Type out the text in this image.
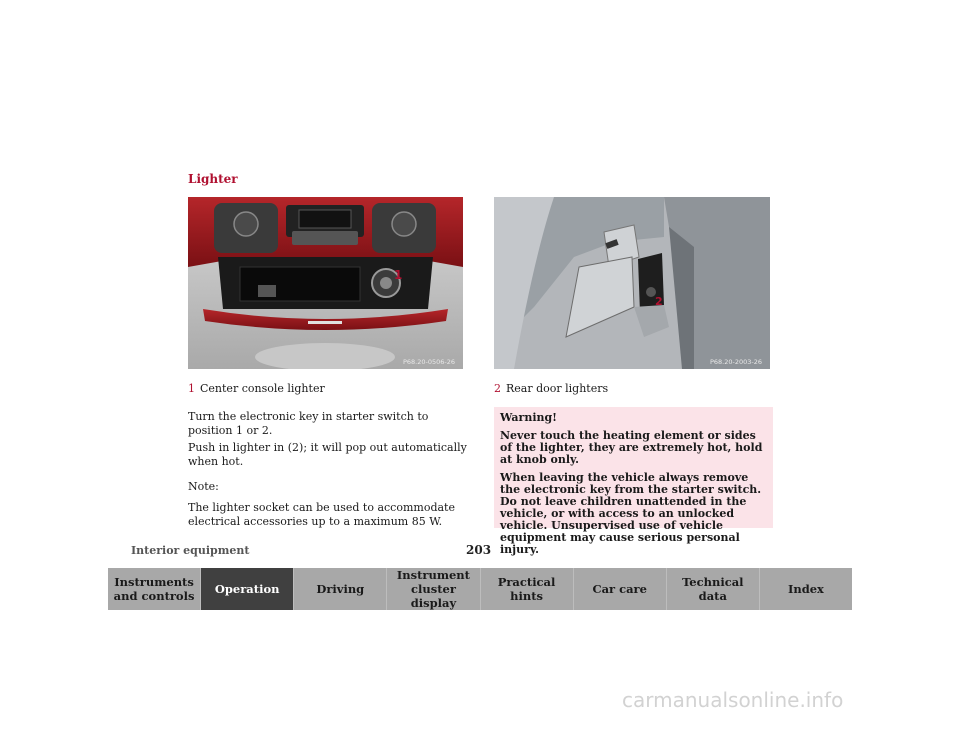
Lighter
1
P68.20-0506-26
2
P68.20-2003-26
1 Center console lighter	2 Rear door lighters
Turn the electronic key in starter switch to position 1 or 2.
Push in lighter in (2); it will pop out automatically when hot.
Note:
The lighter socket can be used to accommodate electrical accessories up to a maximum 85 W.
Warning!
Never touch the heating element or sides of the lighter, they are extremely hot, hold at knob only.
When leaving the vehicle always remove the electronic key from the starter switch. Do not leave children unattended in the vehicle, or with access to an unlocked vehicle. Unsupervised use of vehicle equipment may cause serious personal injury.
Interior equipment	203
Instruments and controls	Operation	Driving
Instrument cluster display
Practical hints	Car care	Technical data	Index
carmanualsonline.info
